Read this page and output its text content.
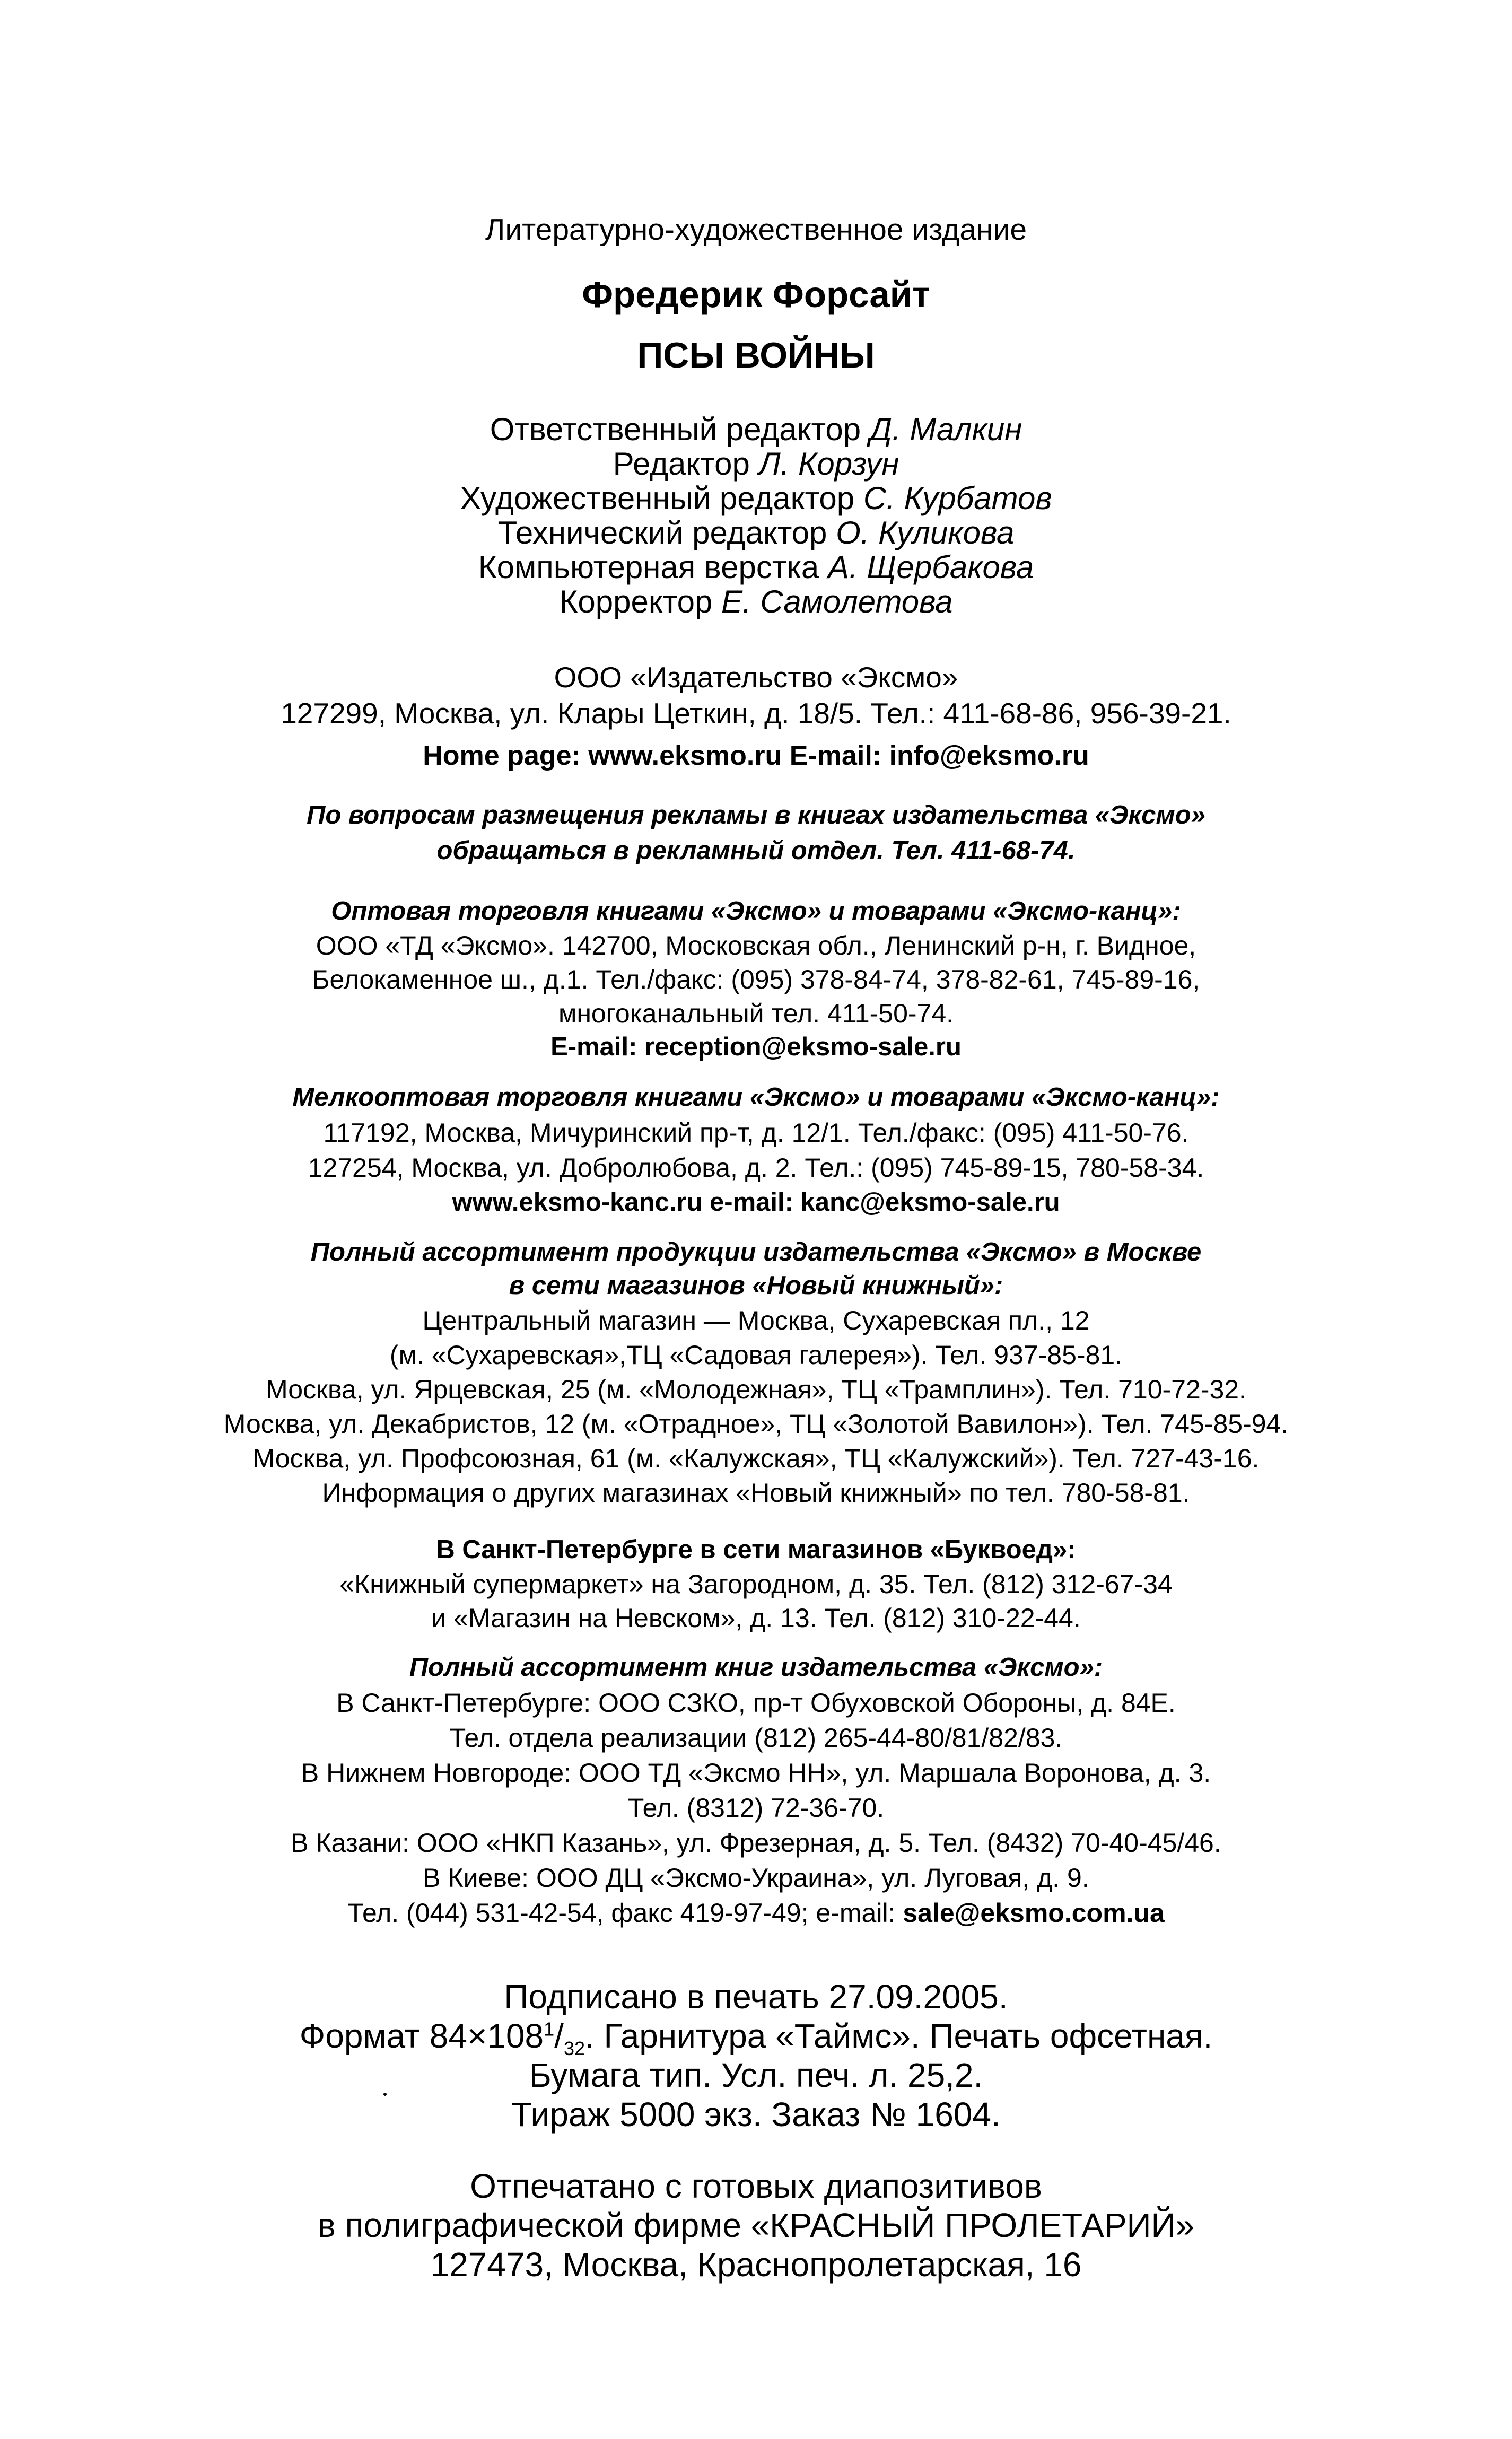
Литературно-художественное издание
Фредерик Форсайт
ПСЫ ВОЙНЫ
Ответственный редактор Д. Малкин
Редактор Л. Корзун
Художественный редактор С. Курбатов
Технический редактор О. Куликова
Компьютерная верстка А. Щербакова
Корректор Е. Самолетова
ООО «Издательство «Эксмо»
127299, Москва, ул. Клары Цеткин, д. 18/5. Тел.: 411-68-86, 956-39-21.
Home page: www.eksmo.ru E-mail: info@eksmo.ru
По вопросам размещения рекламы в книгах издательства «Эксмо»
обращаться в рекламный отдел. Тел. 411-68-74.
Оптовая торговля книгами «Эксмо» и товарами «Эксмо-канц»:
ООО «ТД «Эксмо». 142700, Московская обл., Ленинский р-н, г. Видное,
Белокаменное ш., д.1. Тел./факс: (095) 378-84-74, 378-82-61, 745-89-16,
многоканальный тел. 411-50-74.
E-mail: reception@eksmo-sale.ru
Мелкооптовая торговля книгами «Эксмо» и товарами «Эксмо-канц»:
117192, Москва, Мичуринский пр-т, д. 12/1. Тел./факс: (095) 411-50-76.
127254, Москва, ул. Добролюбова, д. 2. Тел.: (095) 745-89-15, 780-58-34.
www.eksmo-kanc.ru e-mail: kanc@eksmo-sale.ru
Полный ассортимент продукции издательства «Эксмо» в Москве
в сети магазинов «Новый книжный»:
Центральный магазин — Москва, Сухаревская пл., 12
(м. «Сухаревская»,ТЦ «Садовая галерея»). Тел. 937-85-81.
Москва, ул. Ярцевская, 25 (м. «Молодежная», ТЦ «Трамплин»). Тел. 710-72-32.
Москва, ул. Декабристов, 12 (м. «Отрадное», ТЦ «Золотой Вавилон»). Тел. 745-85-94.
Москва, ул. Профсоюзная, 61 (м. «Калужская», ТЦ «Калужский»). Тел. 727-43-16.
Информация о других магазинах «Новый книжный» по тел. 780-58-81.
В Санкт-Петербурге в сети магазинов «Буквоед»:
«Книжный супермаркет» на Загородном, д. 35. Тел. (812) 312-67-34
и «Магазин на Невском», д. 13. Тел. (812) 310-22-44.
Полный ассортимент книг издательства «Эксмо»:
В Санкт-Петербурге: ООО СЗКО, пр-т Обуховской Обороны, д. 84Е.
Тел. отдела реализации (812) 265-44-80/81/82/83.
В Нижнем Новгороде: ООО ТД «Эксмо НН», ул. Маршала Воронова, д. 3.
Тел. (8312) 72-36-70.
В Казани: ООО «НКП Казань», ул. Фрезерная, д. 5. Тел. (8432) 70-40-45/46.
В Киеве: ООО ДЦ «Эксмо-Украина», ул. Луговая, д. 9.
Тел. (044) 531-42-54, факс 419-97-49; e-mail: sale@eksmo.com.ua
Подписано в печать 27.09.2005.
Формат $84\times 108^1/_{32}$. Гарнитура «Таймс». Печать офсетная.
Бумага тип. Усл. печ. л. 25,2.
Тираж 5000 экз. Заказ № 1604.
Отпечатано с готовых диапозитивов
в полиграфической фирме «КРАСНЫЙ ПРОЛЕТАРИЙ»
127473, Москва, Краснопролетарская, 16
